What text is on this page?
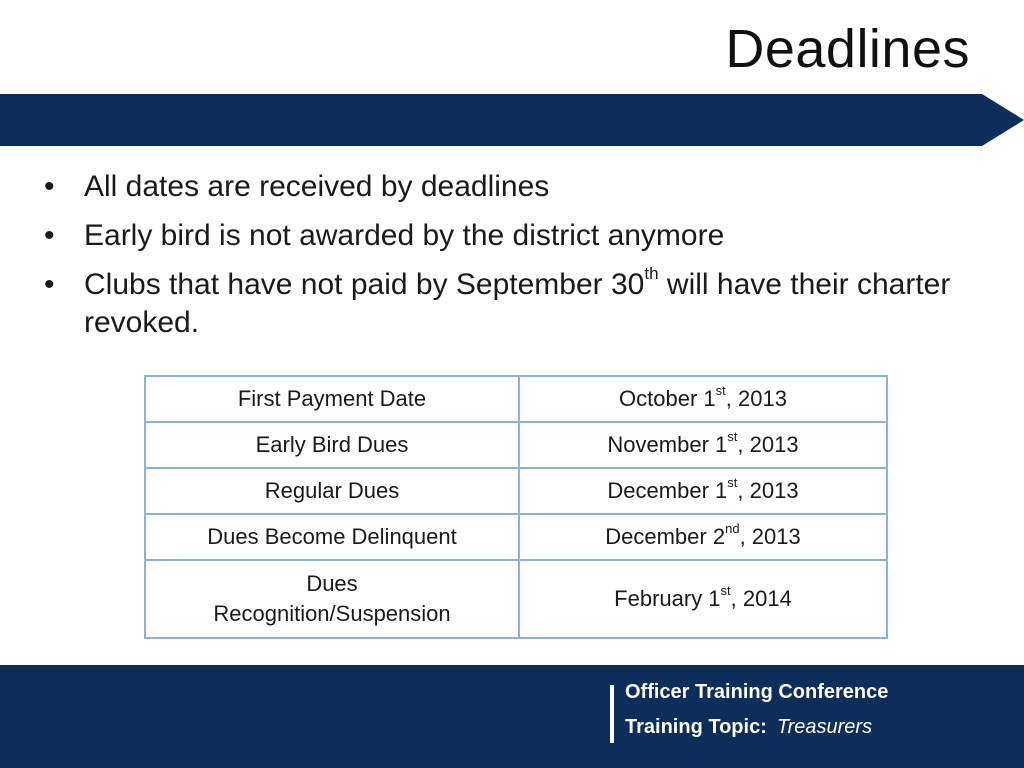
Deadlines
• All dates are received by deadlines
• Early bird is not awarded by the district anymore
• Clubs that have not paid by September 30th will have their charter revoked.
First Payment Date	October 1st, 2013
Early Bird Dues	November 1st, 2013
Regular Dues	December 1st, 2013
Dues Become Delinquent	December 2nd, 2013
Dues
Recognition/Suspension	February 1st, 2014
Officer Training Conference
Training Topic: Treasurers
